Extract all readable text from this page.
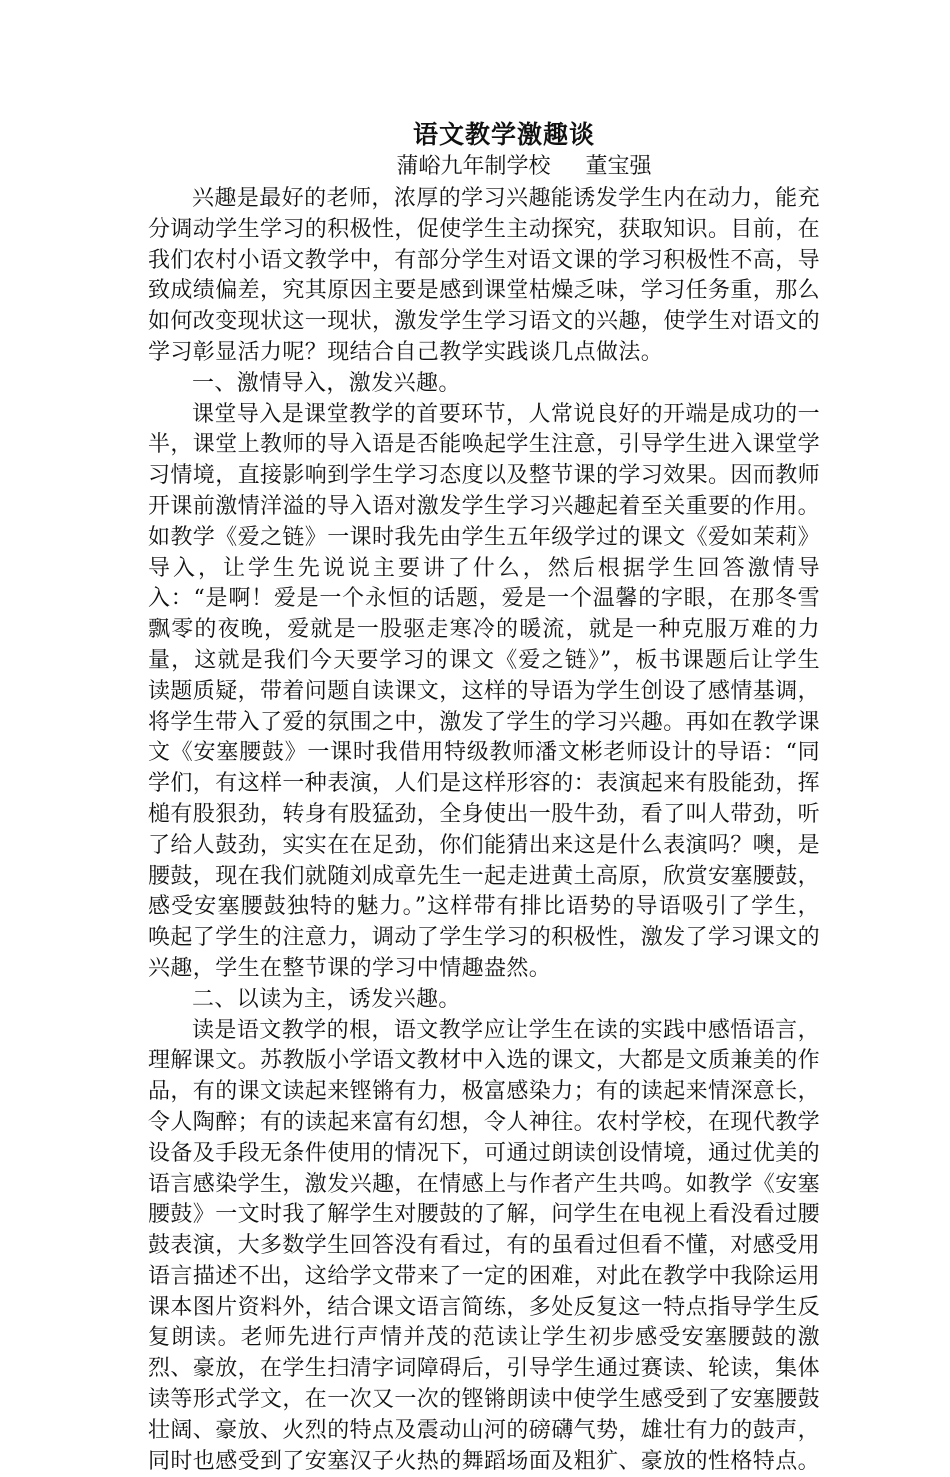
语文教学激趣谈

蒲峪九年制学校     董宝强

兴趣是最好的老师，浓厚的学习兴趣能诱发学生内在动力，能充分调动学生学习的积极性，促使学生主动探究，获取知识。目前，在我们农村小语文教学中，有部分学生对语文课的学习积极性不高，导致成绩偏差，究其原因主要是感到课堂枯燥乏味，学习任务重，那么如何改变现状这一现状，激发学生学习语文的兴趣，使学生对语文的学习彰显活力呢？现结合自己教学实践谈几点做法。

一、激情导入，激发兴趣。

课堂导入是课堂教学的首要环节，人常说良好的开端是成功的一半，课堂上教师的导入语是否能唤起学生注意，引导学生进入课堂学习情境，直接影响到学生学习态度以及整节课的学习效果。因而教师开课前激情洋溢的导入语对激发学生学习兴趣起着至关重要的作用。如教学《爱之链》一课时我先由学生五年级学过的课文《爱如茉莉》导入，让学生先说说主要讲了什么，然后根据学生回答激情导入：“是啊！爱是一个永恒的话题，爱是一个温馨的字眼，在那冬雪飘零的夜晚，爱就是一股驱走寒冷的暖流，就是一种克服万难的力量，这就是我们今天要学习的课文《爱之链》”，板书课题后让学生读题质疑，带着问题自读课文，这样的导语为学生创设了感情基调，将学生带入了爱的氛围之中，激发了学生的学习兴趣。再如在教学课文《安塞腰鼓》一课时我借用特级教师潘文彬老师设计的导语：“同学们，有这样一种表演，人们是这样形容的：表演起来有股能劲，挥槌有股狠劲，转身有股猛劲，全身使出一股牛劲，看了叫人带劲，听了给人鼓劲，实实在在足劲，你们能猜出来这是什么表演吗？噢，是腰鼓，现在我们就随刘成章先生一起走进黄土高原，欣赏安塞腰鼓，感受安塞腰鼓独特的魅力。”这样带有排比语势的导语吸引了学生，唤起了学生的注意力，调动了学生学习的积极性，激发了学习课文的兴趣，学生在整节课的学习中情趣盎然。

二、以读为主，诱发兴趣。

读是语文教学的根，语文教学应让学生在读的实践中感悟语言，理解课文。苏教版小学语文教材中入选的课文，大都是文质兼美的作品，有的课文读起来铿锵有力，极富感染力；有的读起来情深意长，令人陶醉；有的读起来富有幻想，令人神往。农村学校，在现代教学设备及手段无条件使用的情况下，可通过朗读创设情境，通过优美的语言感染学生，激发兴趣，在情感上与作者产生共鸣。如教学《安塞腰鼓》一文时我了解学生对腰鼓的了解，问学生在电视上看没看过腰鼓表演，大多数学生回答没有看过，有的虽看过但看不懂，对感受用语言描述不出，这给学文带来了一定的困难，对此在教学中我除运用课本图片资料外，结合课文语言简练，多处反复这一特点指导学生反复朗读。老师先进行声情并茂的范读让学生初步感受安塞腰鼓的激烈、豪放，在学生扫清字词障碍后，引导学生通过赛读、轮读，集体读等形式学文，在一次又一次的铿锵朗读中使学生感受到了安塞腰鼓壮阔、豪放、火烈的特点及震动山河的磅礴气势，雄壮有力的鼓声，同时也感受到了安塞汉子火热的舞蹈场面及粗犷、豪放的性格特点。
